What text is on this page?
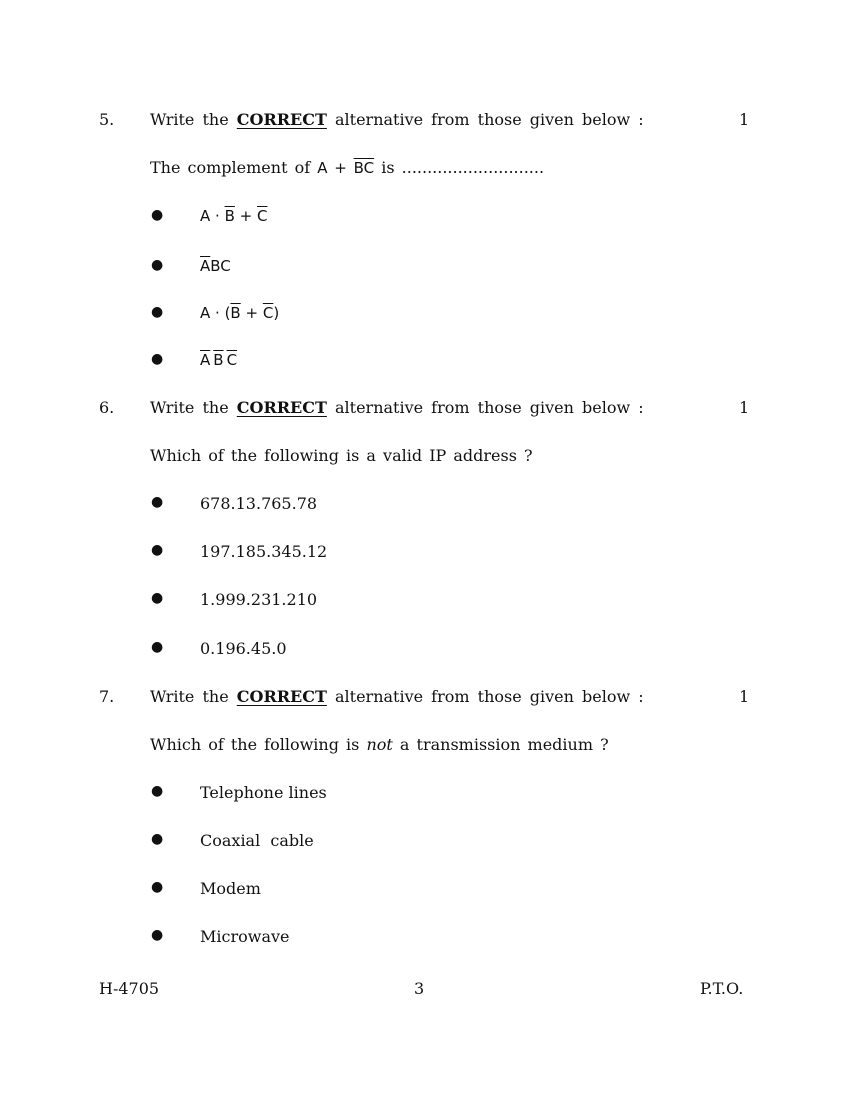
5. Write the CORRECT alternative from those given below :	1
The complement of $A + \overline{BC}$ is ............................
● $A \cdot \overline{B} + \overline{C}$
● $\overline{A}BC$
● $A \cdot (\overline{B} + \overline{C})$
● $\overline{A}$ $\overline{B}$ $\overline{C}$
6. Write the CORRECT alternative from those given below :	1
Which of the following is a valid IP address ?
● 678.13.765.78
● 197.185.345.12
● 1.999.231.210
● 0.196.45.0
7. Write the CORRECT alternative from those given below :	1
Which of the following is not a transmission medium ?
● Telephone lines
● Coaxial  cable
● Modem
● Microwave
H-4705	3	P.T.O.
